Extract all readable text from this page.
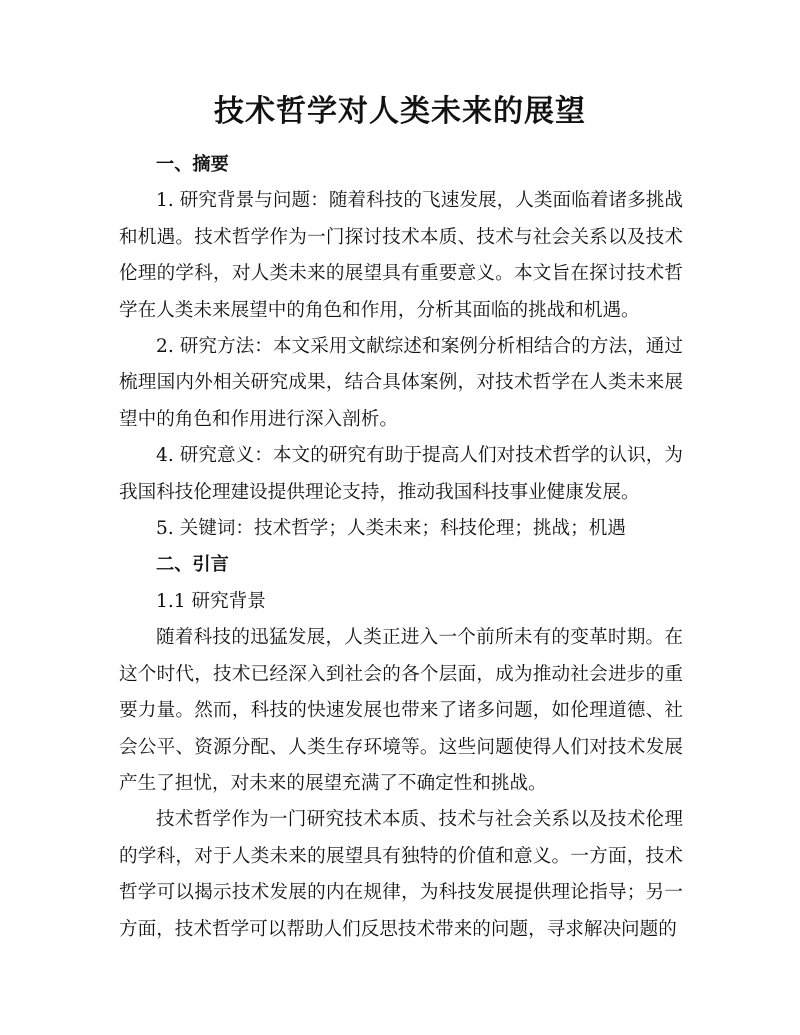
技术哲学对人类未来的展望

一、摘要

1. 研究背景与问题：随着科技的飞速发展，人类面临着诸多挑战和机遇。技术哲学作为一门探讨技术本质、技术与社会关系以及技术伦理的学科，对人类未来的展望具有重要意义。本文旨在探讨技术哲学在人类未来展望中的角色和作用，分析其面临的挑战和机遇。

2. 研究方法：本文采用文献综述和案例分析相结合的方法，通过梳理国内外相关研究成果，结合具体案例，对技术哲学在人类未来展望中的角色和作用进行深入剖析。

4. 研究意义：本文的研究有助于提高人们对技术哲学的认识，为我国科技伦理建设提供理论支持，推动我国科技事业健康发展。

5. 关键词：技术哲学；人类未来；科技伦理；挑战；机遇

二、引言

1.1 研究背景

随着科技的迅猛发展，人类正进入一个前所未有的变革时期。在这个时代，技术已经深入到社会的各个层面，成为推动社会进步的重要力量。然而，科技的快速发展也带来了诸多问题，如伦理道德、社会公平、资源分配、人类生存环境等。这些问题使得人们对技术发展产生了担忧，对未来的展望充满了不确定性和挑战。

技术哲学作为一门研究技术本质、技术与社会关系以及技术伦理的学科，对于人类未来的展望具有独特的价值和意义。一方面，技术哲学可以揭示技术发展的内在规律，为科技发展提供理论指导；另一方面，技术哲学可以帮助人们反思技术带来的问题，寻求解决问题的
